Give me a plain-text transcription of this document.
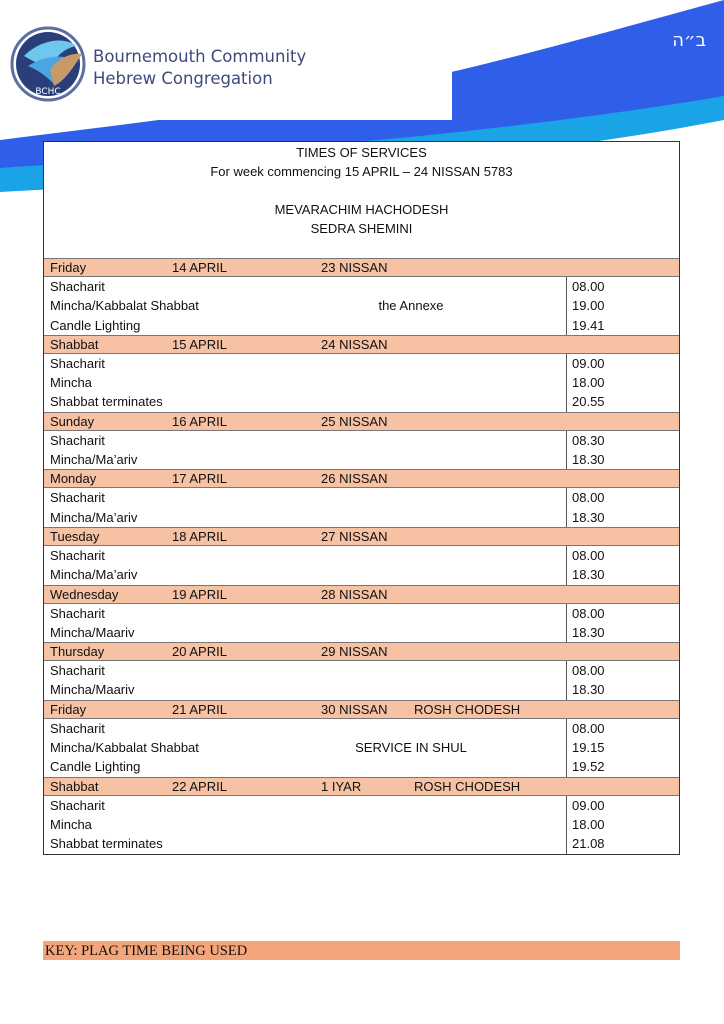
BCHC
Bournemouth Community
Hebrew Congregation
ב״ה
TIMES OF SERVICES
For week commencing 15 APRIL – 24 NISSAN 5783
MEVARACHIM HACHODESH
SEDRA SHEMINI
Friday	14 APRIL	23 NISSAN
Shacharit	08.00
Mincha/Kabbalat Shabbat	the Annexe	19.00
Candle Lighting	19.41
Shabbat	15 APRIL	24 NISSAN
Shacharit	09.00
Mincha	18.00
Shabbat terminates	20.55
Sunday	16 APRIL	25 NISSAN
Shacharit	08.30
Mincha/Ma’ariv	18.30
Monday	17 APRIL	26 NISSAN
Shacharit	08.00
Mincha/Ma’ariv	18.30
Tuesday	18 APRIL	27 NISSAN
Shacharit	08.00
Mincha/Ma’ariv	18.30
Wednesday	19 APRIL	28 NISSAN
Shacharit	08.00
Mincha/Maariv	18.30
Thursday	20 APRIL	29 NISSAN
Shacharit	08.00
Mincha/Maariv	18.30
Friday	21 APRIL	30 NISSAN ROSH CHODESH
Shacharit	08.00
Mincha/Kabbalat Shabbat	SERVICE IN SHUL	19.15
Candle Lighting	19.52
Shabbat	22 APRIL	1 IYAR	ROSH CHODESH
Shacharit	09.00
Mincha	18.00
Shabbat terminates	21.08
KEY: PLAG TIME BEING USED
